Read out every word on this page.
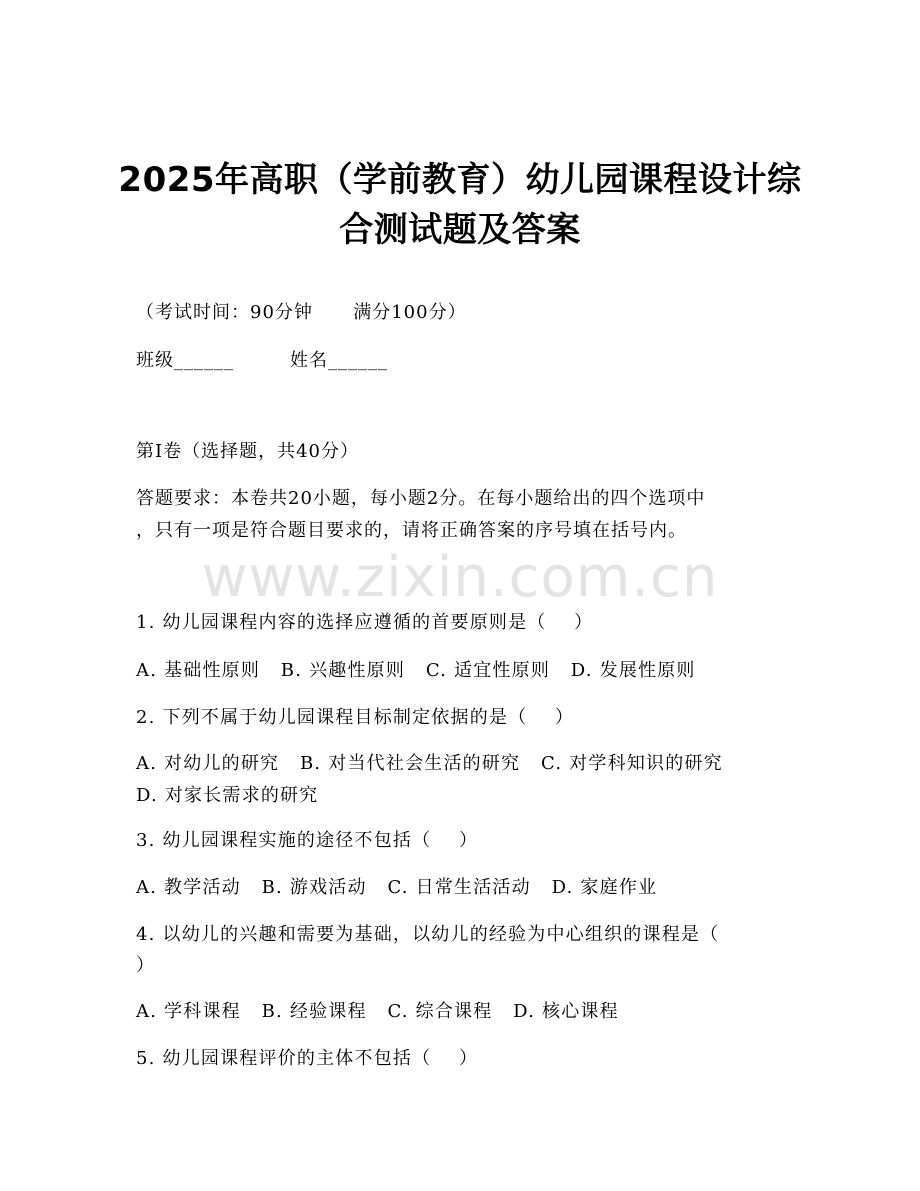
2025年高职（学前教育）幼儿园课程设计综
合测试题及答案
（考试时间：90分钟      满分100分）
班级______	姓名______
第I卷（选择题，共40分）
答题要求：本卷共20小题，每小题2分。在每小题给出的四个选项中
，只有一项是符合题目要求的，请将正确答案的序号填在括号内。
www.zixin.com.cn
1. 幼儿园课程内容的选择应遵循的首要原则是（    ）
A. 基础性原则   B. 兴趣性原则   C. 适宜性原则   D. 发展性原则
2. 下列不属于幼儿园课程目标制定依据的是（    ）
A. 对幼儿的研究   B. 对当代社会生活的研究   C. 对学科知识的研究
D. 对家长需求的研究
3. 幼儿园课程实施的途径不包括（    ）
A. 教学活动   B. 游戏活动   C. 日常生活活动   D. 家庭作业
4. 以幼儿的兴趣和需要为基础，以幼儿的经验为中心组织的课程是（
）
A. 学科课程   B. 经验课程   C. 综合课程   D. 核心课程
5. 幼儿园课程评价的主体不包括（    ）
